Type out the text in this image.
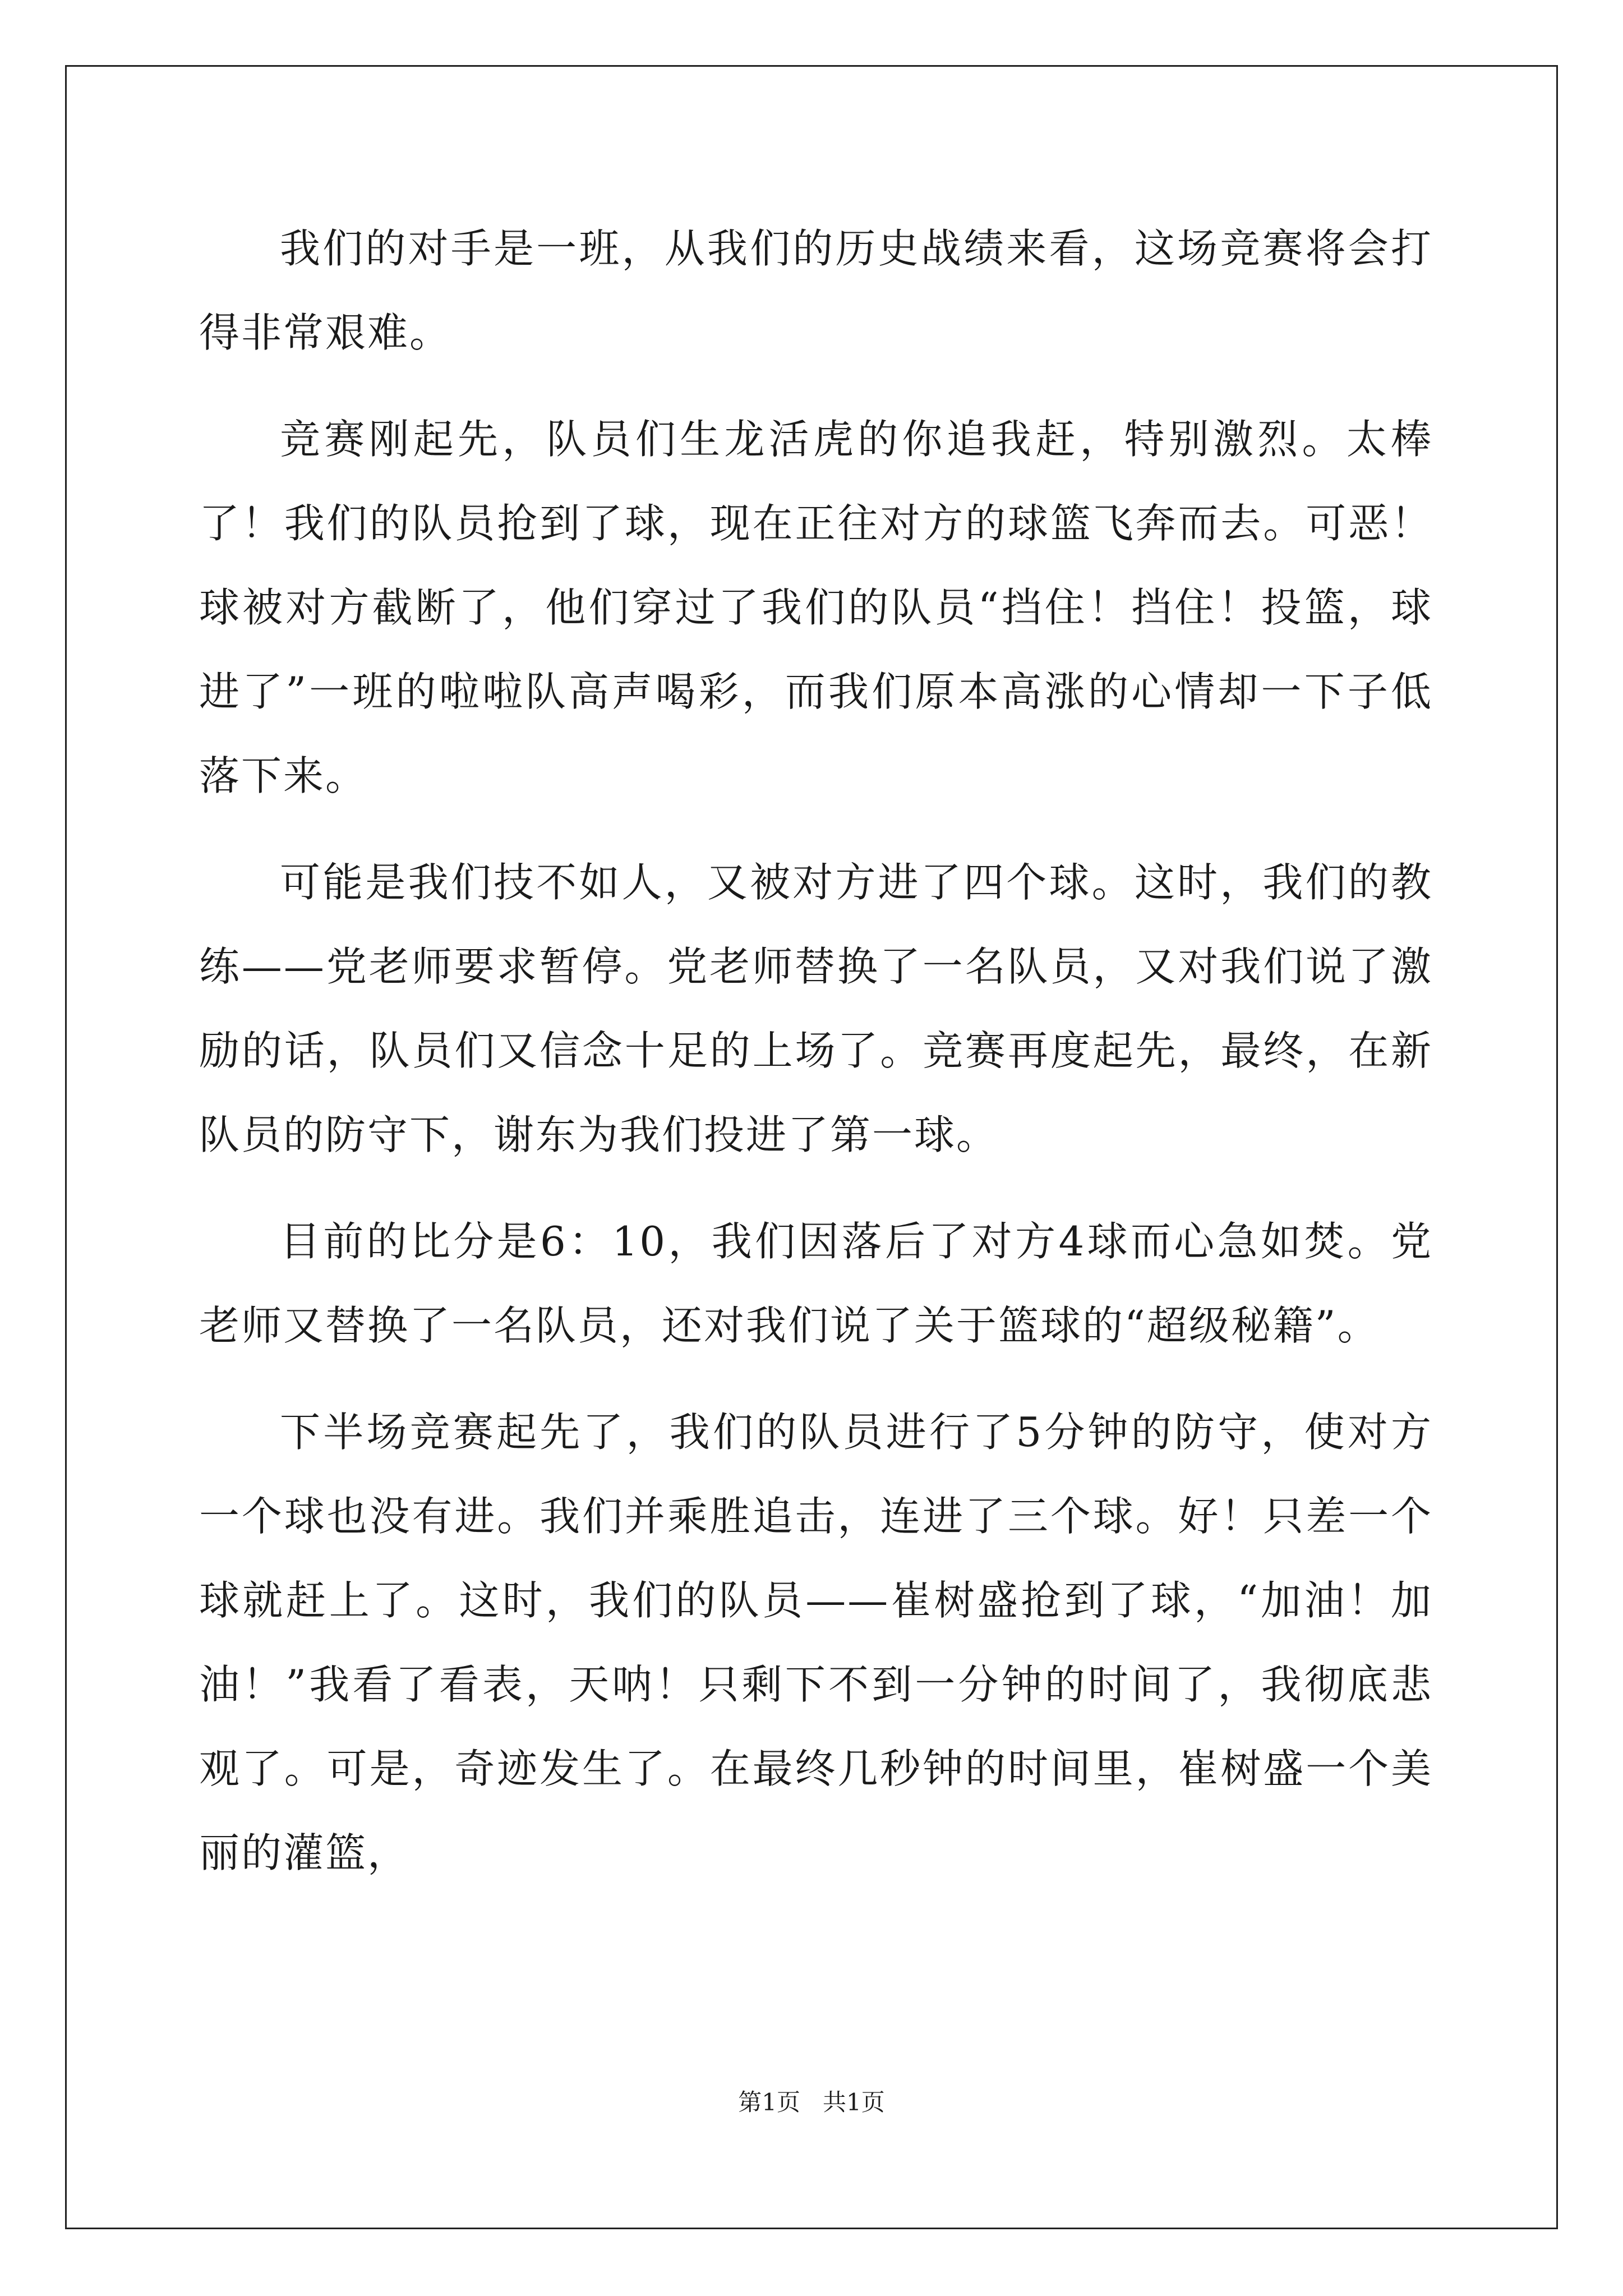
我们的对手是一班，从我们的历史战绩来看，这场竞赛将会打得非常艰难。

竞赛刚起先，队员们生龙活虎的你追我赶，特别激烈。太棒了！我们的队员抢到了球，现在正往对方的球篮飞奔而去。可恶！球被对方截断了，他们穿过了我们的队员“挡住！挡住！投篮，球进了”一班的啦啦队高声喝彩，而我们原本高涨的心情却一下子低落下来。

可能是我们技不如人，又被对方进了四个球。这时，我们的教练——党老师要求暂停。党老师替换了一名队员，又对我们说了激励的话，队员们又信念十足的上场了。竞赛再度起先，最终，在新队员的防守下，谢东为我们投进了第一球。

目前的比分是6：10，我们因落后了对方4球而心急如焚。党老师又替换了一名队员，还对我们说了关于篮球的“超级秘籍”。

下半场竞赛起先了，我们的队员进行了5分钟的防守，使对方一个球也没有进。我们并乘胜追击，连进了三个球。好！只差一个球就赶上了。这时，我们的队员——崔树盛抢到了球，“加油！加油！”我看了看表，天呐！只剩下不到一分钟的时间了，我彻底悲观了。可是，奇迹发生了。在最终几秒钟的时间里，崔树盛一个美丽的灌篮，

第1页 共1页
